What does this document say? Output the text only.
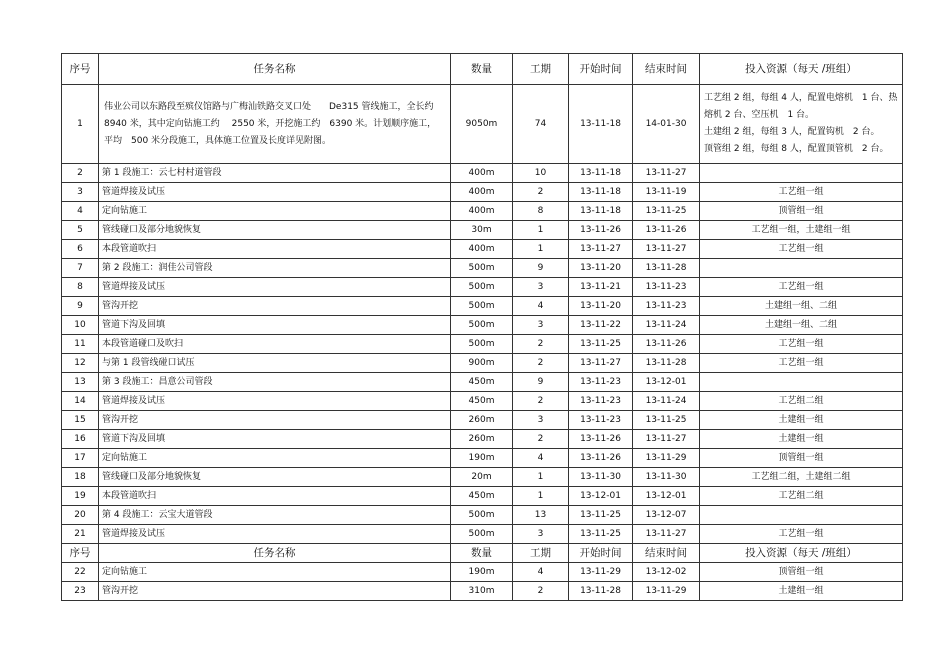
序号	任务名称	数量	工期	开始时间	结束时间	投入资源（每天 /班组）
1	伟业公司以东路段至殡仪馆路与广梅汕铁路交叉口处　　De315 管线施工，全长约 8940 米，其中定向钻施工约　 2550 米，开挖施工约　6390 米。计划顺序施工，平均　500 米分段施工，具体施工位置及长度详见附图。	9050m	74	13-11-18	14-01-30	工艺组 2 组，每组 4 人，配置电熔机　1 台、热
熔机 2 台、空压机　1 台。
土建组 2 组，每组 3 人，配置钩机　2 台。
顶管组 2 组，每组 8 人，配置顶管机　2 台。

2	第 1 段施工：云七村村道管段	400m	10	13-11-18	13-11-27	
3	管道焊接及试压	400m	2	13-11-18	13-11-19	工艺组一组
4	定向钻施工	400m	8	13-11-18	13-11-25	顶管组一组
5	管线碰口及部分地貌恢复	30m	1	13-11-26	13-11-26	工艺组一组，土建组一组
6	本段管道吹扫	400m	1	13-11-27	13-11-27	工艺组一组
7	第 2 段施工：润佳公司管段	500m	9	13-11-20	13-11-28	
8	管道焊接及试压	500m	3	13-11-21	13-11-23	工艺组一组
9	管沟开挖	500m	4	13-11-20	13-11-23	土建组一组、二组
10	管道下沟及回填	500m	3	13-11-22	13-11-24	土建组一组、二组
11	本段管道碰口及吹扫	500m	2	13-11-25	13-11-26	工艺组一组
12	与第 1 段管线碰口试压	900m	2	13-11-27	13-11-28	工艺组一组
13	第 3 段施工：昌意公司管段	450m	9	13-11-23	13-12-01	
14	管道焊接及试压	450m	2	13-11-23	13-11-24	工艺组二组
15	管沟开挖	260m	3	13-11-23	13-11-25	土建组一组
16	管道下沟及回填	260m	2	13-11-26	13-11-27	土建组一组
17	定向钻施工	190m	4	13-11-26	13-11-29	顶管组一组
18	管线碰口及部分地貌恢复	20m	1	13-11-30	13-11-30	工艺组二组，土建组二组
19	本段管道吹扫	450m	1	13-12-01	13-12-01	工艺组二组
20	第 4 段施工：云宝大道管段	500m	13	13-11-25	13-12-07	
21	管道焊接及试压	500m	3	13-11-25	13-11-27	工艺组一组
序号	任务名称	数量	工期	开始时间	结束时间	投入资源（每天 /班组）
22	定向钻施工	190m	4	13-11-29	13-12-02	顶管组一组
23	管沟开挖	310m	2	13-11-28	13-11-29	土建组一组
